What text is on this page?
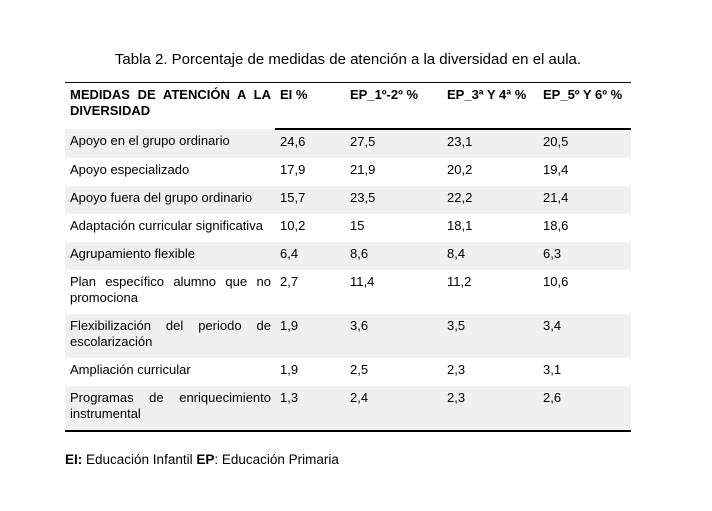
Tabla 2. Porcentaje de medidas de atención a la diversidad en el aula.
MEDIDAS DE ATENCIÓN A LA DIVERSIDAD	EI %	EP_1º-2º %	EP_3ª Y 4ª %	EP_5º Y 6º %
Apoyo en el grupo ordinario	24,6	27,5	23,1	20,5
Apoyo especializado	17,9	21,9	20,2	19,4
Apoyo fuera del grupo ordinario	15,7	23,5	22,2	21,4
Adaptación curricular significativa	10,2	15	18,1	18,6
Agrupamiento flexible	6,4	8,6	8,4	6,3
Plan específico alumno que no promociona	2,7	11,4	11,2	10,6
Flexibilización del periodo de escolarización	1,9	3,6	3,5	3,4
Ampliación curricular	1,9	2,5	2,3	3,1
Programas de enriquecimiento instrumental	1,3	2,4	2,3	2,6
EI: Educación Infantil EP: Educación Primaria
